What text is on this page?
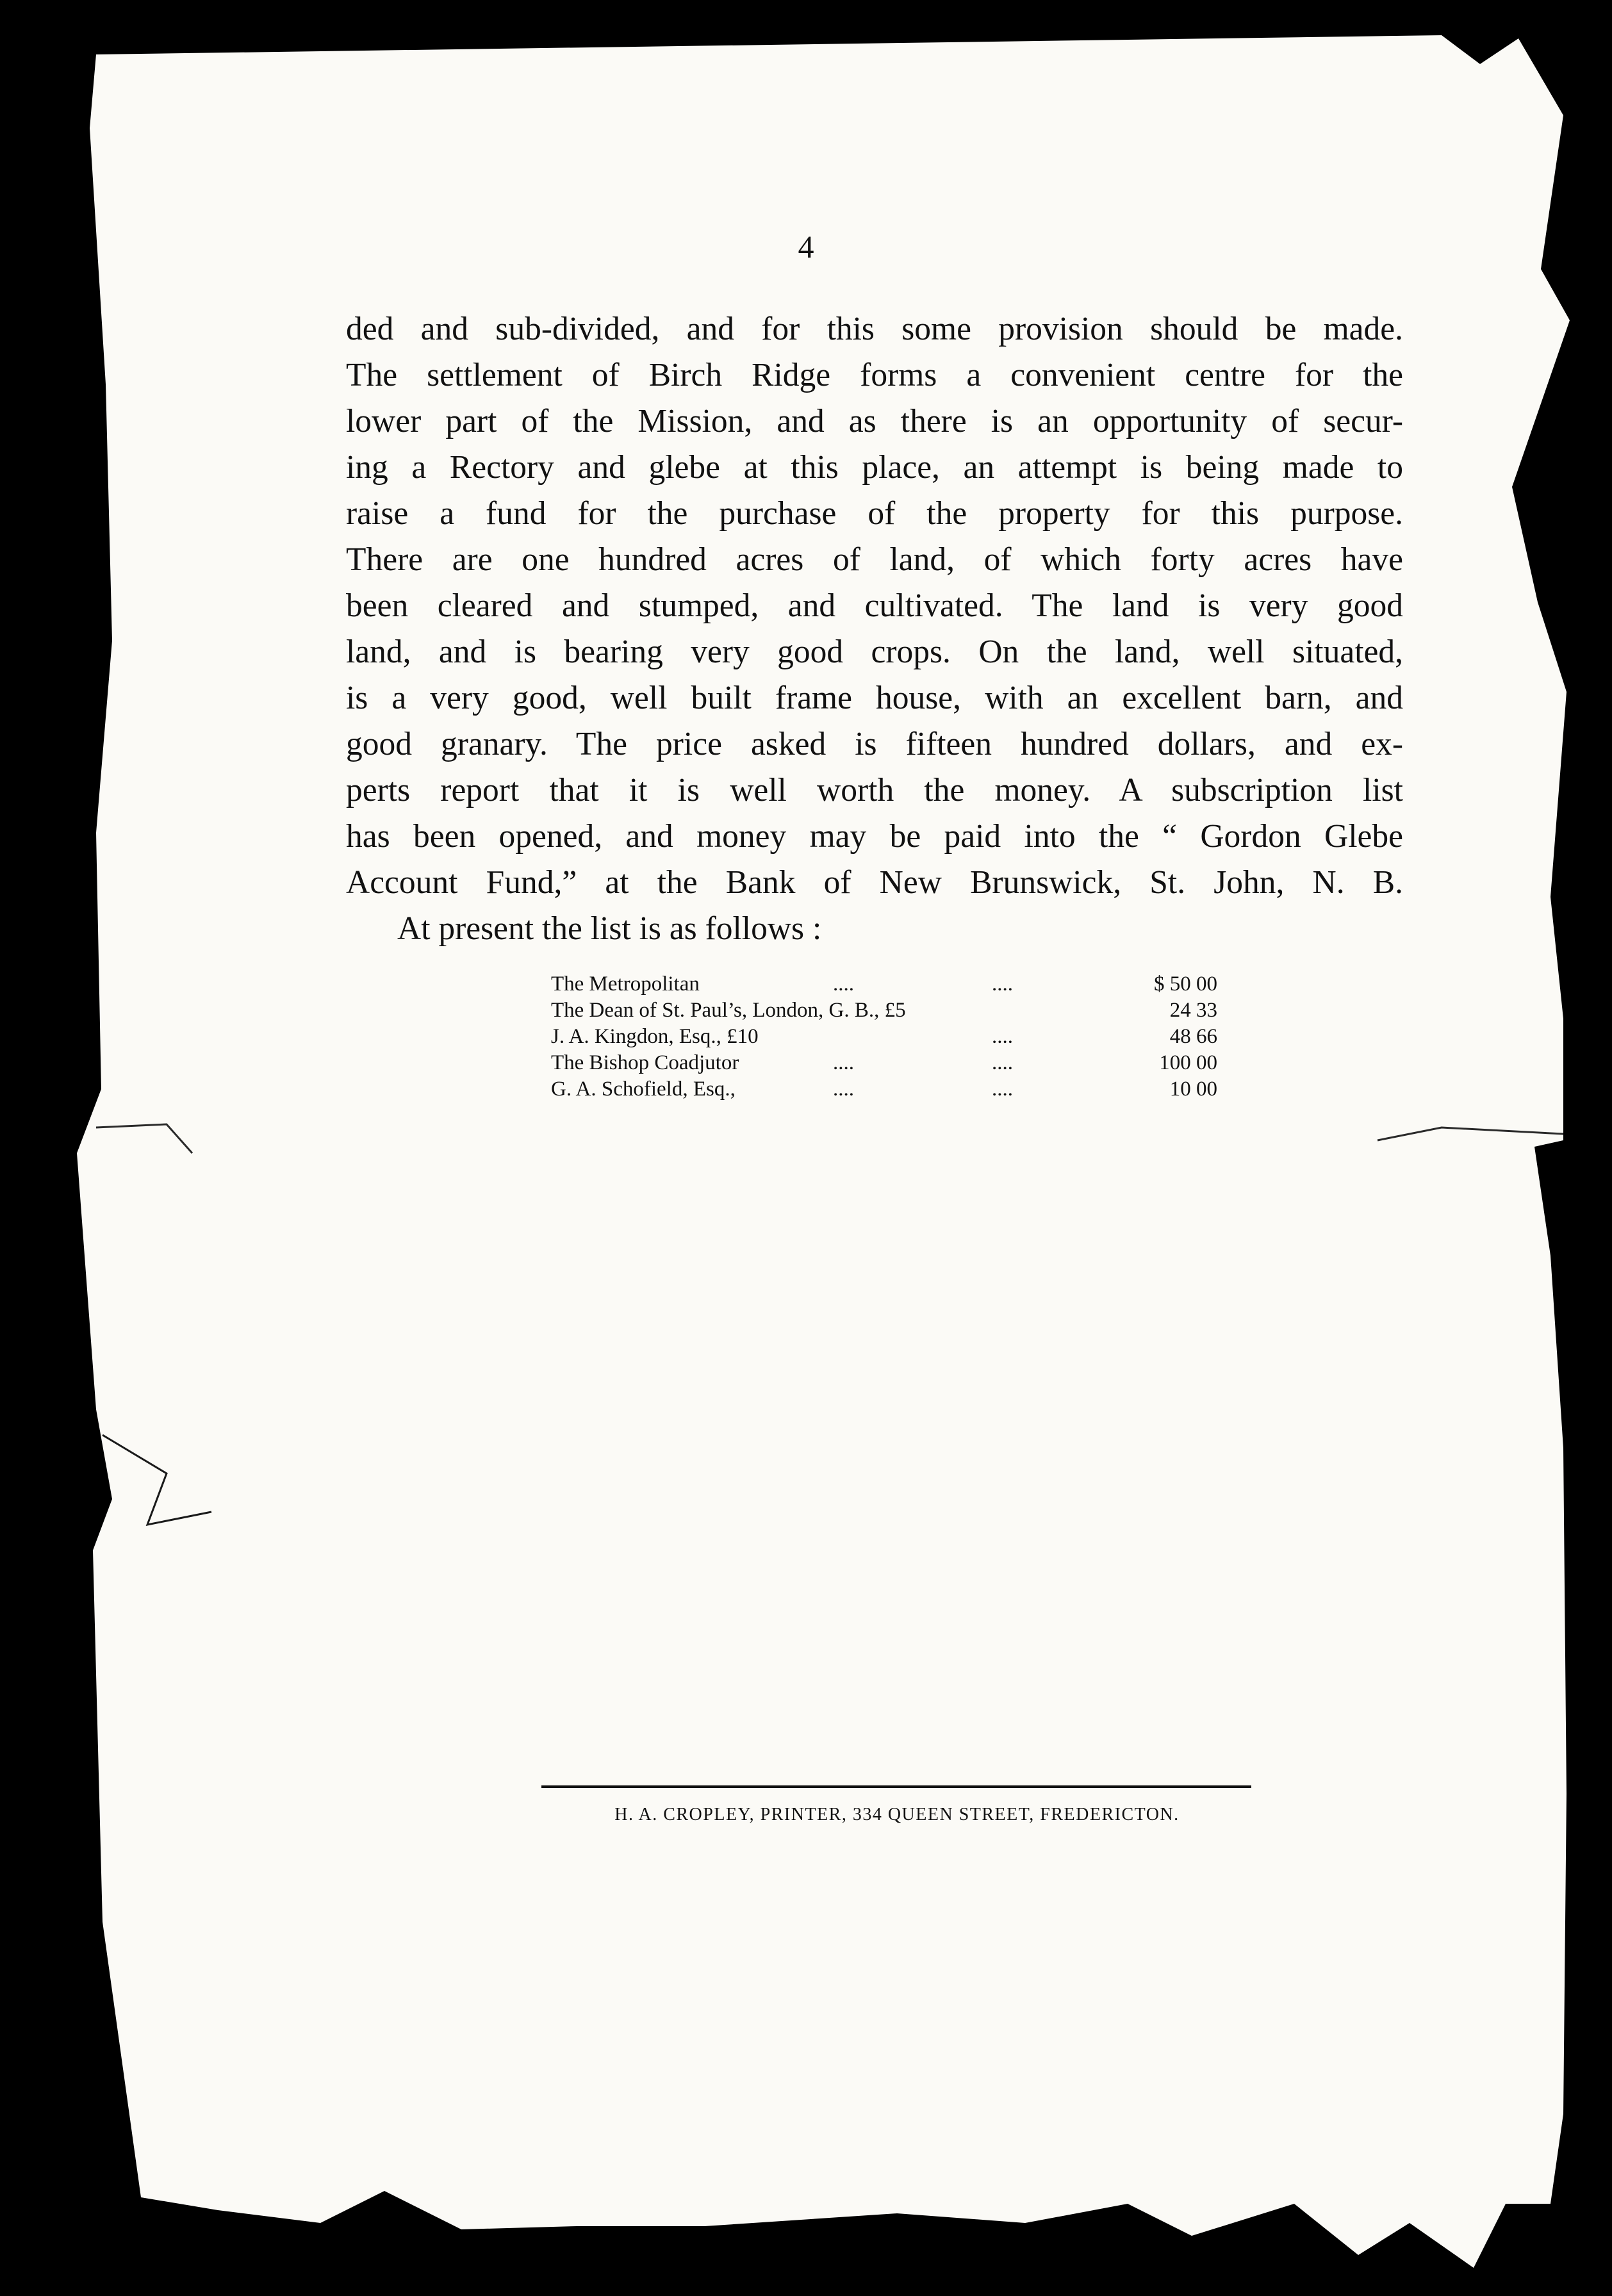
4
ded and sub-divided, and for this some provision should be made.
The settlement of Birch Ridge forms a convenient centre for the
lower part of the Mission, and as there is an opportunity of secur-
ing a Rectory and glebe at this place, an attempt is being made to
raise a fund for the purchase of the property for this purpose.
There are one hundred acres of land, of which forty acres have
been cleared and stumped, and cultivated. The land is very good
land, and is bearing very good crops. On the land, well situated,
is a very good, well built frame house, with an excellent barn, and
good granary. The price asked is fifteen hundred dollars, and ex-
perts report that it is well worth the money. A subscription list
has been opened, and money may be paid into the “ Gordon Glebe
Account Fund,” at the Bank of New Brunswick, St. John, N. B.
At present the list is as follows :
The Metropolitan	....	....	$ 50 00
The Dean of St. Paul’s, London, G. B., £5	24 33
J. A. Kingdon, Esq., £10	....	48 66
The Bishop Coadjutor	....	....	100 00
G. A. Schofield, Esq.,	....	....	10 00
H. A. CROPLEY, PRINTER, 334 QUEEN STREET, FREDERICTON.
